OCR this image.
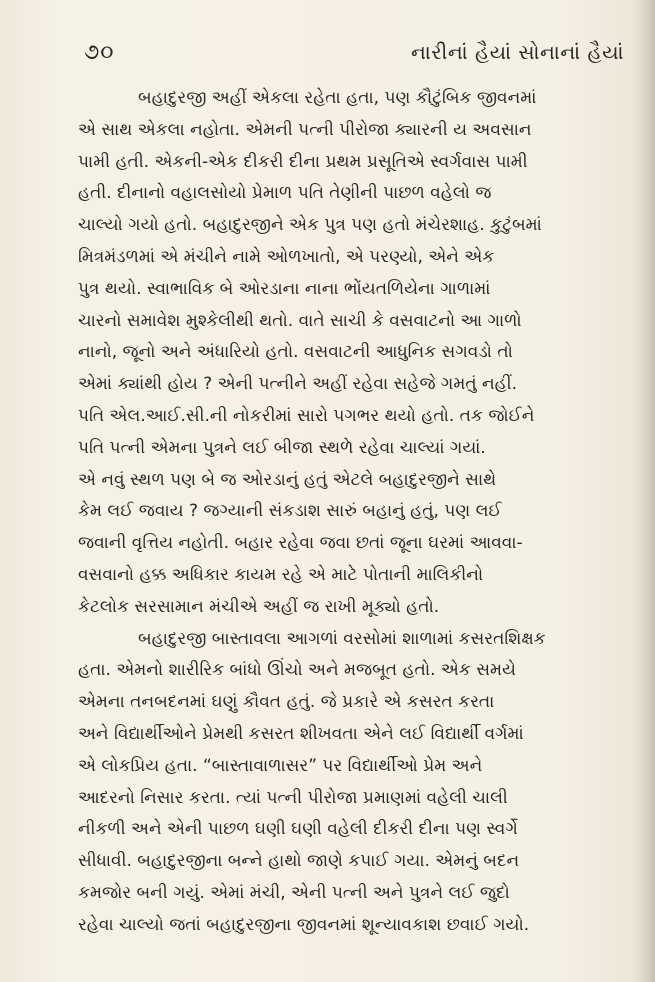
૭૦	નારીનાં હૈયાં સોનાનાં હૈયાં
બહાદુરજી અહીં એકલા રહેતા હતા, પણ કૌટુંબિક જીવનમાં
એ સાથ એકલા નહોતા. એમની પત્ની પીરોજા ક્યારની ય અવસાન
પામી હતી. એકની-એક દીકરી દીના પ્રથમ પ્રસૂતિએ સ્વર્ગવાસ પામી
હતી. દીનાનો વહાલસોયો પ્રેમાળ પતિ તેણીની પાછળ વહેલો જ
ચાલ્યો ગયો હતો. બહાદુરજીને એક પુત્ર પણ હતો મંચેરશાહ. કુટુંબમાં
મિત્રમંડળમાં એ મંચીને નામે ઓળખાતો, એ પરણ્યો, એને એક
પુત્ર થયો. સ્વાભાવિક બે ઓરડાના નાના ભોંયતળિયેના ગાળામાં
ચારનો સમાવેશ મુશ્કેલીથી થતો. વાતે સાચી કે વસવાટનો આ ગાળો
નાનો, જૂનો અને અંધારિયો હતો. વસવાટની આધુનિક સગવડો તો
એમાં ક્યાંથી હોય ? એની પત્નીને અહીં રહેવા સહેજે ગમતું નહીં.
પતિ એલ.આઈ.સી.ની નોકરીમાં સારો પગભર થયો હતો. તક જોઈને
પતિ પત્ની એમના પુત્રને લઈ બીજા સ્થળે રહેવા ચાલ્યાં ગયાં.
એ નવું સ્થળ પણ બે જ ઓરડાનું હતું એટલે બહાદુરજીને સાથે
કેમ લઈ જવાય ? જગ્યાની સંકડાશ સારું બહાનું હતું, પણ લઈ
જવાની વૃત્તિય નહોતી. બહાર રહેવા જવા છતાં જૂના ઘરમાં આવવા-
વસવાનો હક્ક અધિકાર કાયમ રહે એ માટે પોતાની માલિકીનો
કેટલોક સરસામાન મંચીએ અહીં જ રાખી મૂક્યો હતો.
બહાદુરજી બાસ્તાવલા આગળાં વરસોમાં શાળામાં કસરતશિક્ષક
હતા. એમનો શારીરિક બાંધો ઊંચો અને મજબૂત હતો. એક સમયે
એમના તનબદનમાં ઘણું કૌવત હતું. જે પ્રકારે એ કસરત કરતા
અને વિદ્યાર્થીઓને પ્રેમથી કસરત શીખવતા એને લઈ વિદ્યાર્થી વર્ગમાં
એ લોકપ્રિય હતા. “બાસ્તાવાળાસર” પર વિદ્યાર્થીઓ પ્રેમ અને
આદરનો નિસાર કરતા. ત્યાં પત્ની પીરોજા પ્રમાણમાં વહેલી ચાલી
નીકળી અને એની પાછળ ઘણી ઘણી વહેલી દીકરી દીના પણ સ્વર્ગે
સીધાવી. બહાદુરજીના બન્ને હાથો જાણે કપાઈ ગયા. એમનું બદન
કમજોર બની ગયું. એમાં મંચી, એની પત્ની અને પુત્રને લઈ જુદો
રહેવા ચાલ્યો જતાં બહાદુરજીના જીવનમાં શૂન્યાવકાશ છવાઈ ગયો.
